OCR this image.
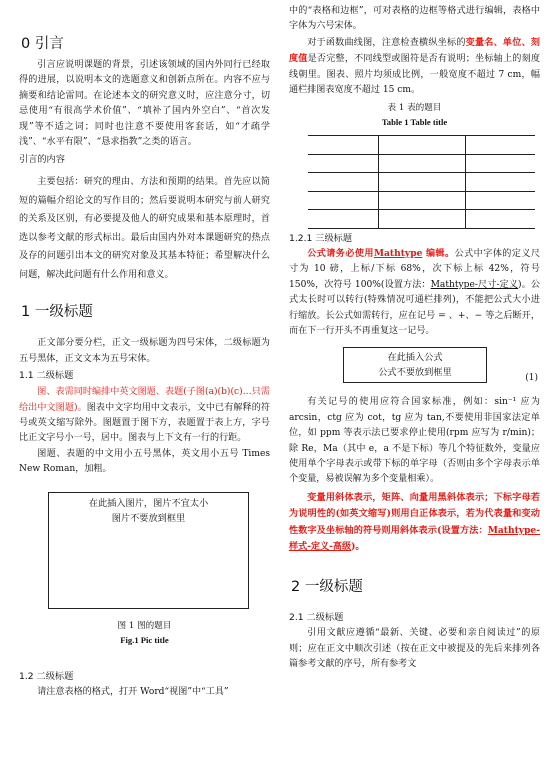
0 引言

引言应说明课题的背景，引述该领域的国内外同行已经取得的进展，以说明本文的选题意义和创新点所在。内容不应与摘要和结论雷同。在论述本文的研究意义时，应注意分寸，切忌使用“有很高学术价值”、“填补了国内外空白”、“首次发现”等不适之词；同时也注意不要使用客套话，如“才疏学浅”、“水平有限”、“恳求指教”之类的语言。

引言的内容

主要包括：研究的理由、方法和预期的结果。首先应以简短的篇幅介绍论文的写作目的；然后要说明本研究与前人研究的关系及区别，有必要提及他人的研究成果和基本原理时，首选以参考文献的形式标出。最后由国内外对本课题研究的热点及存的问题引出本文的研究对象及其基本特征；希望解决什么问题，解决此问题有什么作用和意义。

1 一级标题

正文部分要分栏，正文一级标题为四号宋体，二级标题为五号黑体，正文文本为五号宋体。

1.1 二级标题

图、表需同时编排中英文图题、表题(子图(a)(b)(c)…只需给出中文图题)。图表中文字均用中文表示，文中已有解释的符号或英文缩写除外。图题置于图下方，表题置于表上方，字号比正文字号小一号，居中。图表与上下文有一行的行距。

图题、表题的中文用小五号黑体，英文用小五号 Times New Roman，加粗。

在此插入图片，图片不宜太小
图片不要放到框里
图 1 图的题目
Fig.1 Pic title
1.2 二级标题

请注意表格的格式，打开 Word“视图”中“工具”

中的“表格和边框”，可对表格的边框等格式进行编辑，表格中字体为六号宋体。

对于函数曲线图，注意检查横纵坐标的变量名、单位、刻度值是否完整，不同线型或图符是否有说明；坐标轴上的刻度线朝里。图表、照片均须成比例，一般宽度不超过 7 cm，幅通栏排图表宽度不超过 15 cm。

表 1 表的题目
Table 1 Table title

1.2.1 三级标题

公式请务必使用Mathtype 编辑。公式中字体的定义尺寸为 10 磅，上标/下标 68%，次下标上标 42%，符号 150%，次符号 100%(设置方法：Mathtype-尺寸-定义)。公式太长时可以转行(特殊情况可通栏排列)，不能把公式大小进行缩放。长公式如需转行，应在记号 = 、+、− 等之后断开，而在下一行开头不再重复这一记号。

在此插入公式
公式不要放到框里	(1)

有关记号的使用应符合国家标准，例如：sin⁻¹ 应为 arcsin，ctg 应为 cot，tg 应为 tan,不要使用非国家法定单位，如 ppm 等表示法已要求停止使用(rpm 应写为 r/min)；除 Re，Ma（其中 e，a 不是下标）等几个特征数外，变量应使用单个字母表示或带下标的单字母（否则由多个字母表示单个变量，易被误解为多个变量相乘）。

变量用斜体表示，矩阵、向量用黑斜体表示；下标字母若为说明性的(如英文缩写)则用白正体表示，若为代表量和变动性数字及坐标轴的符号则用斜体表示(设置方法：Mathtype-样式-定义-高级)。

2 一级标题
2.1 二级标题

引用文献应遵循“最新、关键、必要和亲自阅读过”的原则；应在正文中顺次引述（按在正文中被提及的先后来排列各篇参考文献的序号，所有参考文
